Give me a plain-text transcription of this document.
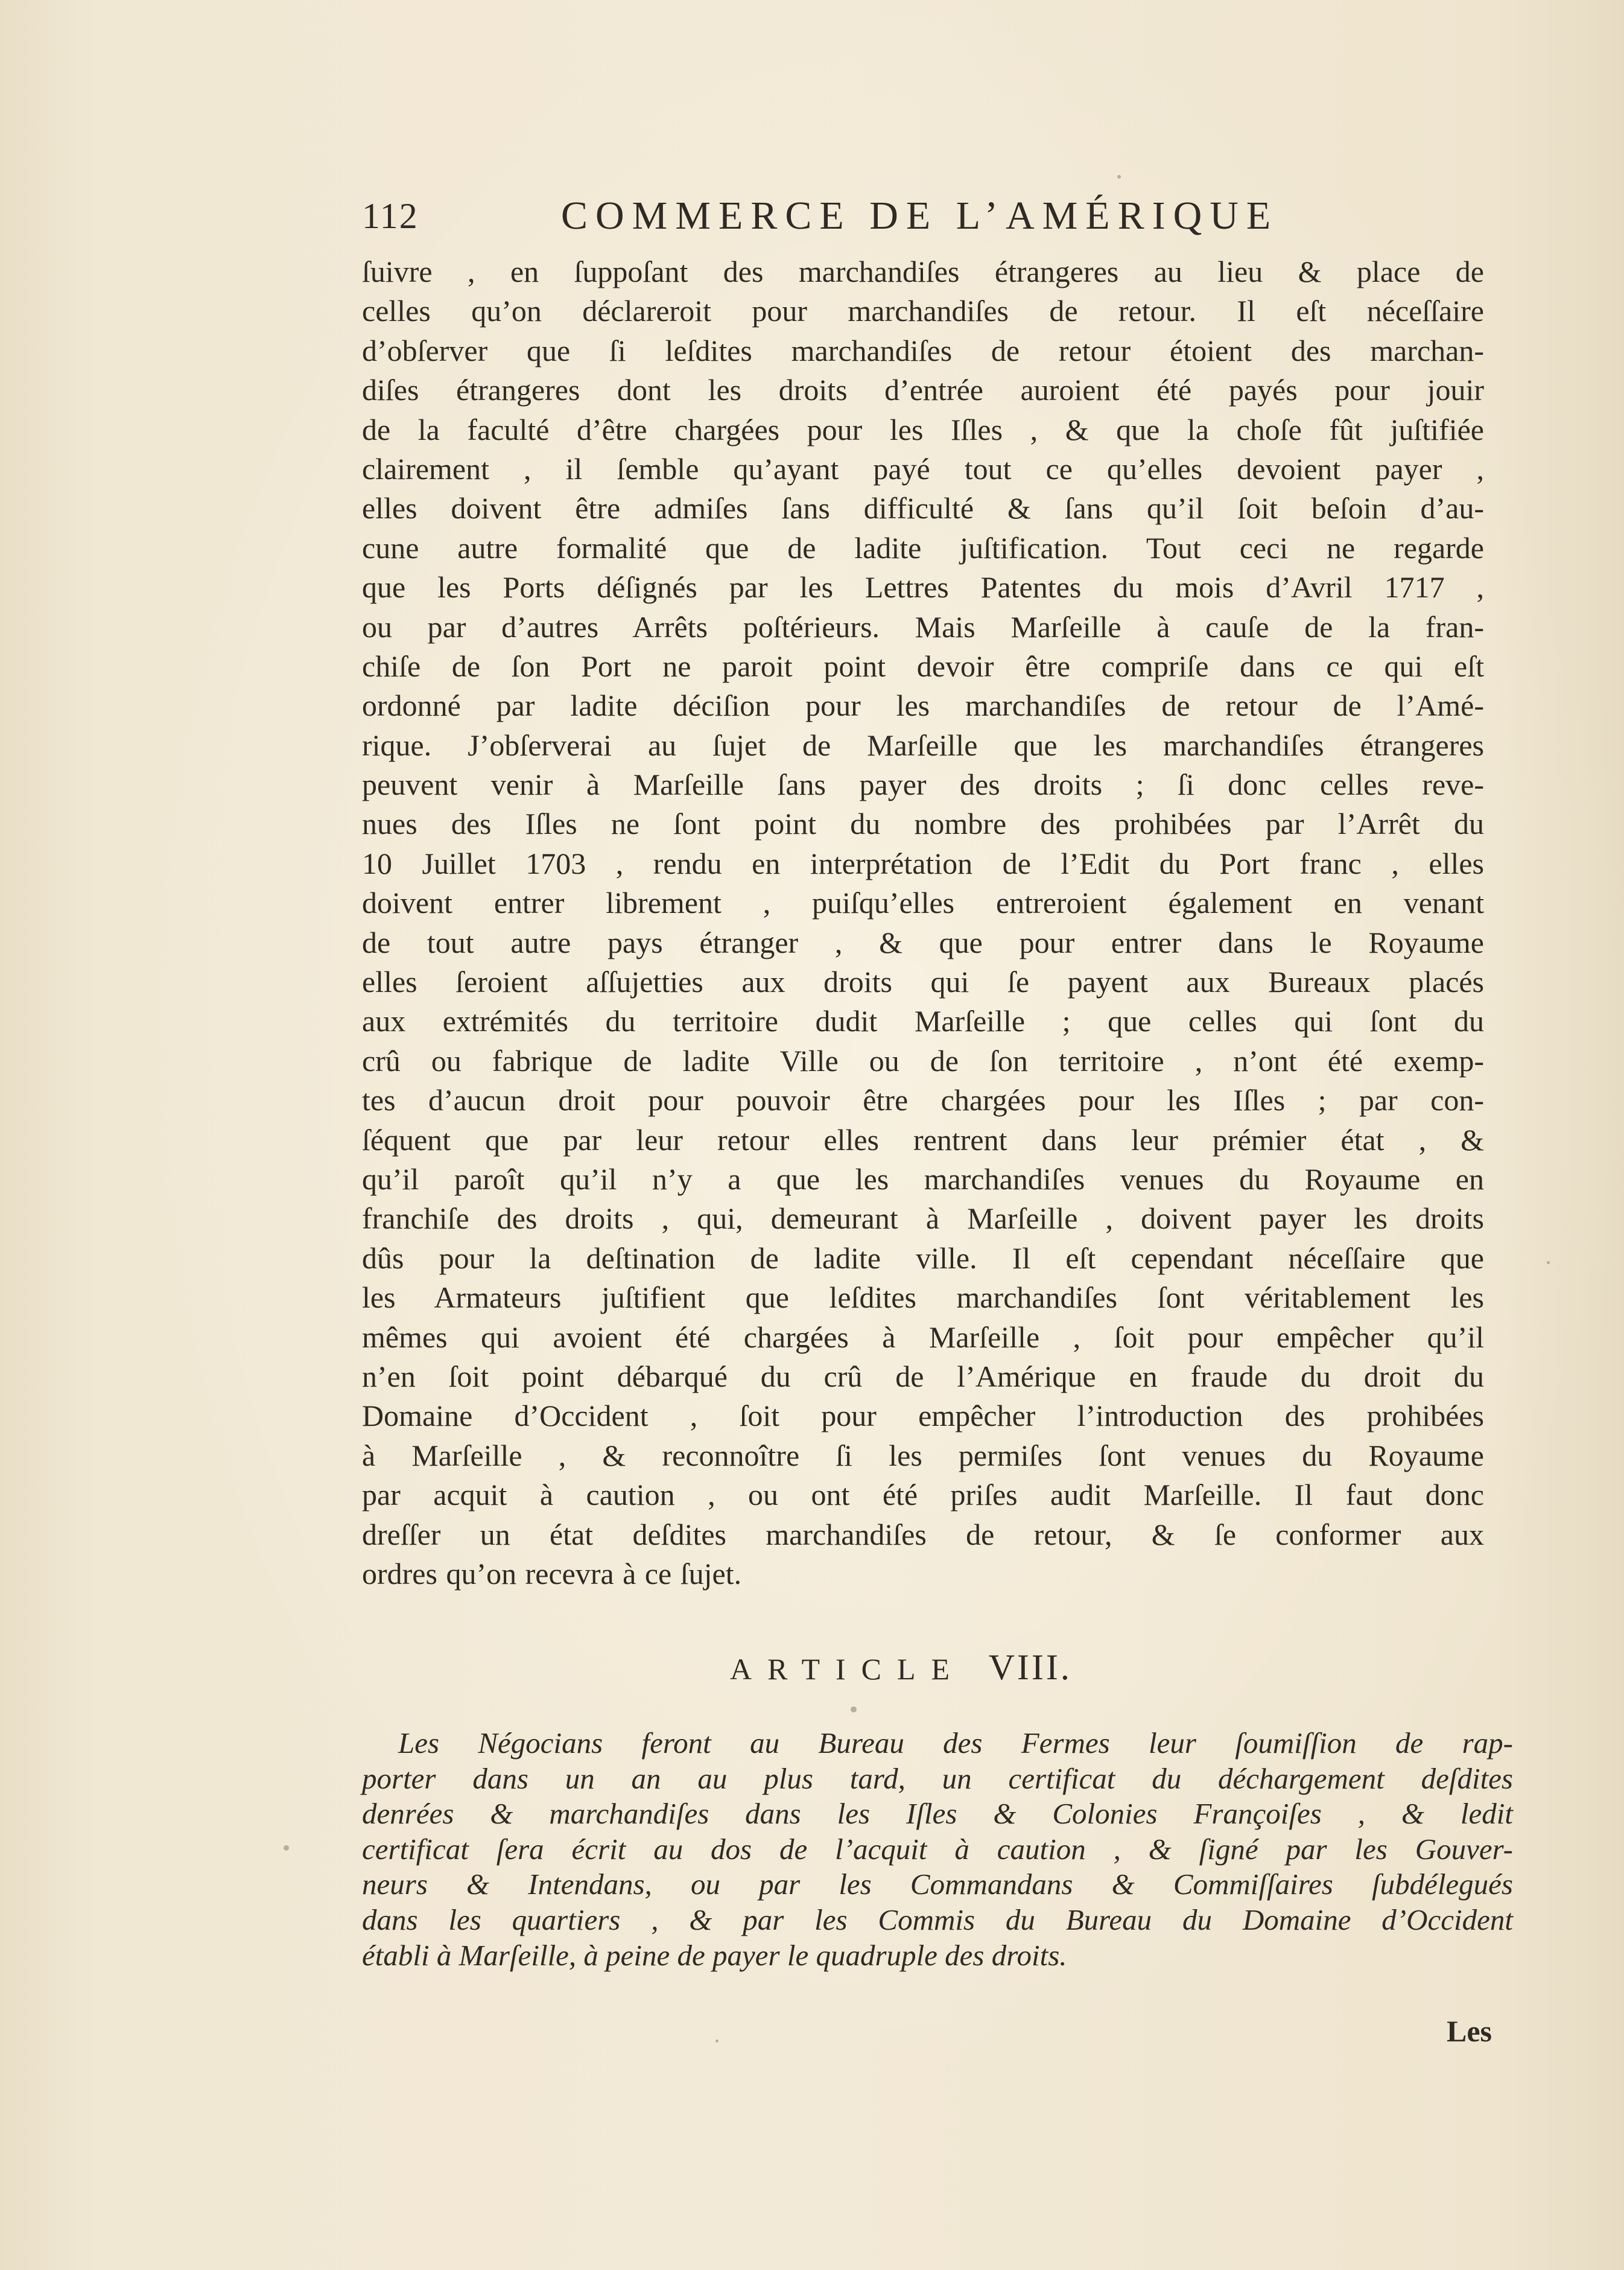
112	COMMERCE DE L’AMÉRIQUE
ſuivre , en ſuppoſant des marchandiſes étrangeres au lieu & place de
celles qu’on déclareroit pour marchandiſes de retour. Il eſt néceſſaire
d’obſerver que ſi leſdites marchandiſes de retour étoient des marchan-
diſes étrangeres dont les droits d’entrée auroient été payés pour jouir
de la faculté d’être chargées pour les Iſles , & que la choſe fût juſtifiée
clairement , il ſemble qu’ayant payé tout ce qu’elles devoient payer ,
elles doivent être admiſes ſans difficulté & ſans qu’il ſoit beſoin d’au-
cune autre formalité que de ladite juſtification. Tout ceci ne regarde
que les Ports déſignés par les Lettres Patentes du mois d’Avril 1717 ,
ou par d’autres Arrêts poſtérieurs. Mais Marſeille à cauſe de la fran-
chiſe de ſon Port ne paroit point devoir être compriſe dans ce qui eſt
ordonné par ladite déciſion pour les marchandiſes de retour de l’Amé-
rique. J’obſerverai au ſujet de Marſeille que les marchandiſes étrangeres
peuvent venir à Marſeille ſans payer des droits ; ſi donc celles reve-
nues des Iſles ne ſont point du nombre des prohibées par l’Arrêt du
10 Juillet 1703 , rendu en interprétation de l’Edit du Port franc , elles
doivent entrer librement , puiſqu’elles entreroient également en venant
de tout autre pays étranger , & que pour entrer dans le Royaume
elles ſeroient aſſujetties aux droits qui ſe payent aux Bureaux placés
aux extrémités du territoire dudit Marſeille ; que celles qui ſont du
crû ou fabrique de ladite Ville ou de ſon territoire , n’ont été exemp-
tes d’aucun droit pour pouvoir être chargées pour les Iſles ; par con-
ſéquent que par leur retour elles rentrent dans leur prémier état , &
qu’il paroît qu’il n’y a que les marchandiſes venues du Royaume en
franchiſe des droits , qui, demeurant à Marſeille , doivent payer les droits
dûs pour la deſtination de ladite ville. Il eſt cependant néceſſaire que
les Armateurs juſtifient que leſdites marchandiſes ſont véritablement les
mêmes qui avoient été chargées à Marſeille , ſoit pour empêcher qu’il
n’en ſoit point débarqué du crû de l’Amérique en fraude du droit du
Domaine d’Occident , ſoit pour empêcher l’introduction des prohibées
à Marſeille , & reconnoître ſi les permiſes ſont venues du Royaume
par acquit à caution , ou ont été priſes audit Marſeille. Il faut donc
dreſſer un état deſdites marchandiſes de retour, & ſe conformer aux
ordres qu’on recevra à ce ſujet.
ARTICLE VIII.
Les Négocians feront au Bureau des Fermes leur ſoumiſſion de rap-
porter dans un an au plus tard, un certificat du déchargement deſdites
denrées & marchandiſes dans les Iſles & Colonies Françoiſes , & ledit
certificat ſera écrit au dos de l’acquit à caution , & ſigné par les Gouver-
neurs & Intendans, ou par les Commandans & Commiſſaires ſubdélegués
dans les quartiers , & par les Commis du Bureau du Domaine d’Occident
établi à Marſeille, à peine de payer le quadruple des droits.
Les
